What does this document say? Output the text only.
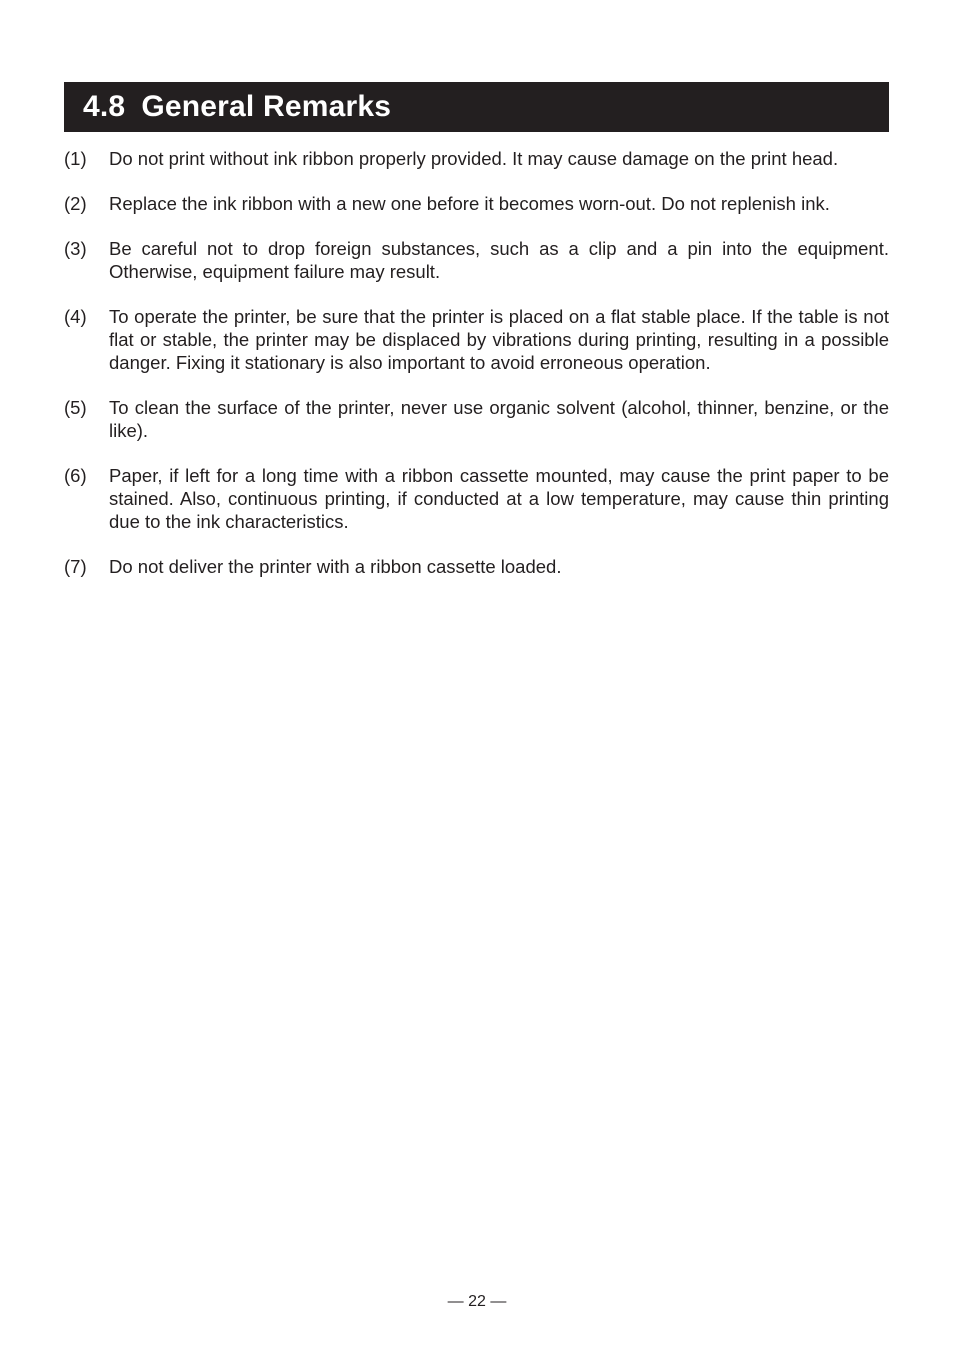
4.8 General Remarks
(1)	Do not print without ink ribbon properly provided. It may cause damage on the print head.
(2)	Replace the ink ribbon with a new one before it becomes worn-out. Do not replenish ink.
(3)	Be careful not to drop foreign substances, such as a clip and a pin into the equipment. Otherwise, equipment failure may result.
(4)	To operate the printer, be sure that the printer is placed on a flat stable place. If the table is not flat or stable, the printer may be displaced by vibrations during printing, resulting in a possible danger. Fixing it stationary is also important to avoid erroneous operation.
(5)	To clean the surface of the printer, never use organic solvent (alcohol, thinner, benzine, or the like).
(6)	Paper, if left for a long time with a ribbon cassette mounted, may cause the print paper to be stained. Also, continuous printing, if conducted at a low temperature, may cause thin printing due to the ink characteristics.
(7)	Do not deliver the printer with a ribbon cassette loaded.
— 22 —
